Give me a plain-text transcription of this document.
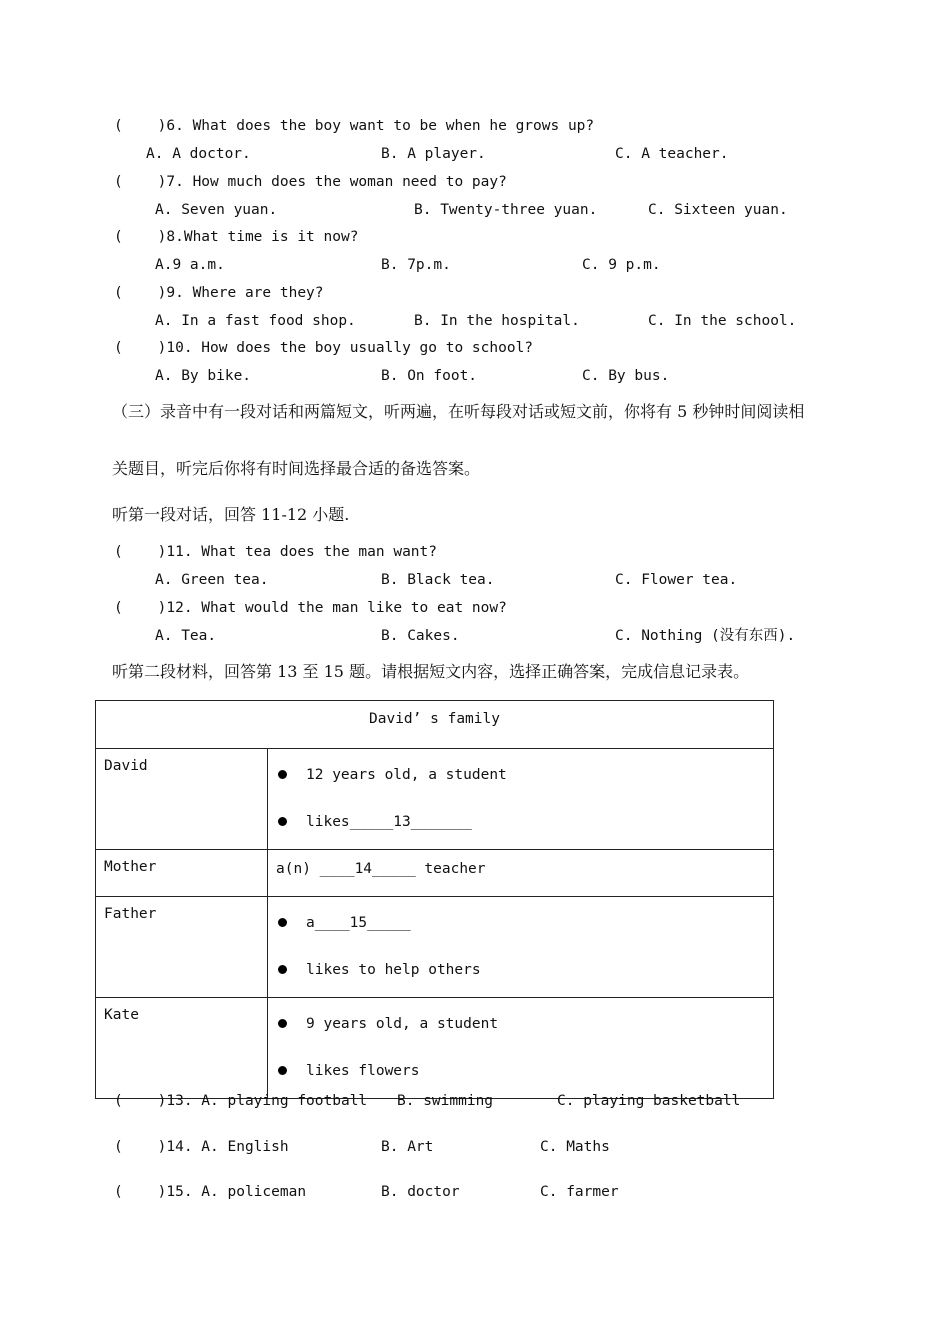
(    )6. What does the boy want to be when he grows up?
A. A doctor.	B. A player.	C. A teacher.
(    )7. How much does the woman need to pay?
A. Seven yuan.	B. Twenty-three yuan.	C. Sixteen yuan.
(    )8.What time is it now?
A.9 a.m.	B. 7p.m.	C. 9 p.m.
(    )9. Where are they?
A. In a fast food shop.	B. In the hospital.	C. In the school.
(    )10. How does the boy usually go to school?
A. By bike.	B. On foot.	C. By bus.
（三）录音中有一段对话和两篇短文，听两遍，在听每段对话或短文前，你将有 5 秒钟时间阅读相
关题目，听完后你将有时间选择最合适的备选答案。
听第一段对话，回答 11-12 小题.
(    )11. What tea does the man want?
A. Green tea.	B. Black tea.	C. Flower tea.
(    )12. What would the man like to eat now?
A. Tea.	B. Cakes.	C. Nothing (没有东西).
听第二段材料，回答第 13 至 15 题。请根据短文内容，选择正确答案，完成信息记录表。
David’ s family	
David	12 years old, a student
likes_____13_______

Mother	a(n) ____14_____ teacher

Father	a____15_____
likes to help others

Kate	9 years old, a student
likes flowers
(    )13. A. playing football B. swimming	C. playing basketball
(    )14. A. English	B. Art	C. Maths
(    )15. A. policeman	B. doctor	C. farmer
